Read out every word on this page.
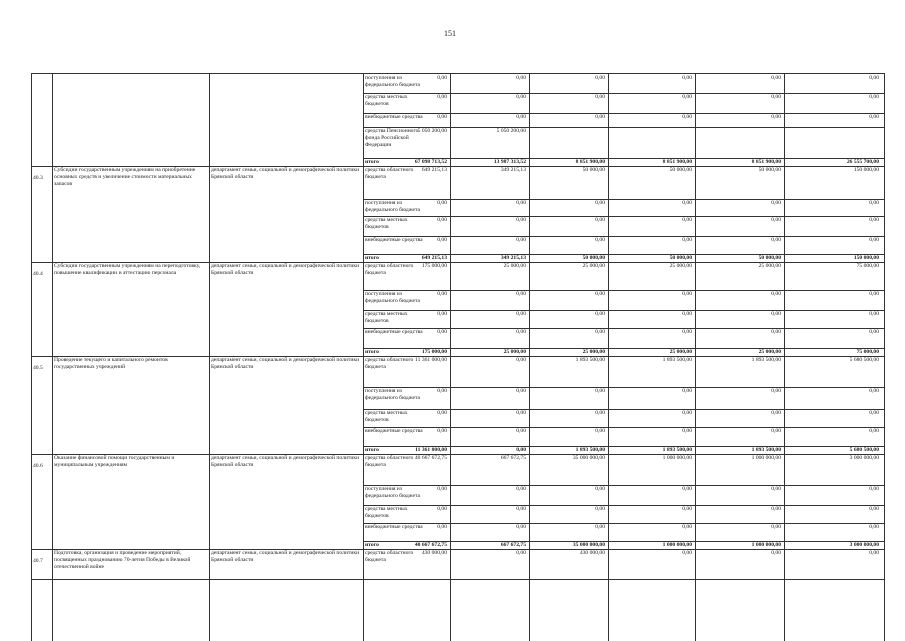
151
поступления из
федерального бюджета
0,00	0,00	0,00	0,00	0,00	0,00
средства местных
бюджетов
0,00	0,00	0,00	0,00	0,00	0,00
внебюджетные средства	0,00	0,00	0,00	0,00	0,00	0,00
средства Пенсионного
фонда Российской
Федерации
5 050 200,00	5 050 200,00
итого	67 098 713,52	13 987 313,52	8 851 900,00	8 851 900,00	8 851 900,00	26 555 700,00
40.3
Субсидии государственным учреждениям на приобретение основных средств и увеличение стоимости материальных запасов
департамент семьи, социальной и демографической политики Брянской области
средства областного
бюджета
649 215,13	349 215,13	50 000,00	50 000,00	50 000,00	150 000,00
поступления из
федерального бюджета
0,00	0,00	0,00	0,00	0,00	0,00
средства местных
бюджетов
0,00	0,00	0,00	0,00	0,00	0,00
внебюджетные средства	0,00	0,00	0,00	0,00	0,00	0,00
итого	649 215,13	349 215,13	50 000,00	50 000,00	50 000,00	150 000,00
40.4
Субсидии государственным учреждениям на переподготовку, повышение квалификации и аттестацию персонала
департамент семьи, социальной и демографической политики Брянской области
средства областного
бюджета
175 000,00	25 000,00	25 000,00	25 000,00	25 000,00	75 000,00
поступления из
федерального бюджета
0,00	0,00	0,00	0,00	0,00	0,00
средства местных
бюджетов
0,00	0,00	0,00	0,00	0,00	0,00
внебюджетные средства	0,00	0,00	0,00	0,00	0,00	0,00
итого	175 000,00	25 000,00	25 000,00	25 000,00	25 000,00	75 000,00
40.5
Проведение текущего и капитального ремонтов государственных учреждений
департамент семьи, социальной и демографической политики Брянской области
средства областного
бюджета
11 361 000,00	0,00	1 893 500,00	1 893 500,00	1 893 500,00	5 680 500,00
поступления из
федерального бюджета
0,00	0,00	0,00	0,00	0,00	0,00
средства местных
бюджетов
0,00	0,00	0,00	0,00	0,00	0,00
внебюджетные средства	0,00	0,00	0,00	0,00	0,00	0,00
итого	11 361 000,00	0,00	1 893 500,00	1 893 500,00	1 893 500,00	5 680 500,00
40.6
Оказание финансовой помощи государственным и муниципальным учреждениям
департамент семьи, социальной и демографической политики Брянской области
средства областного
бюджета
40 667 672,75	667 672,75	35 000 000,00	1 000 000,00	1 000 000,00	3 000 000,00
поступления из
федерального бюджета
0,00	0,00	0,00	0,00	0,00	0,00
средства местных
бюджетов
0,00	0,00	0,00	0,00	0,00	0,00
внебюджетные средства	0,00	0,00	0,00	0,00	0,00	0,00
итого	40 667 672,75	667 672,75	35 000 000,00	1 000 000,00	1 000 000,00	3 000 000,00
40.7
Подготовка, организация и проведение мероприятий, посвященных празднованию 70-летия Победы в Великой отечественной войне
департамент семьи, социальной и демографической политики Брянской области
средства областного
бюджета
430 000,00	0,00	430 000,00	0,00	0,00	0,00
